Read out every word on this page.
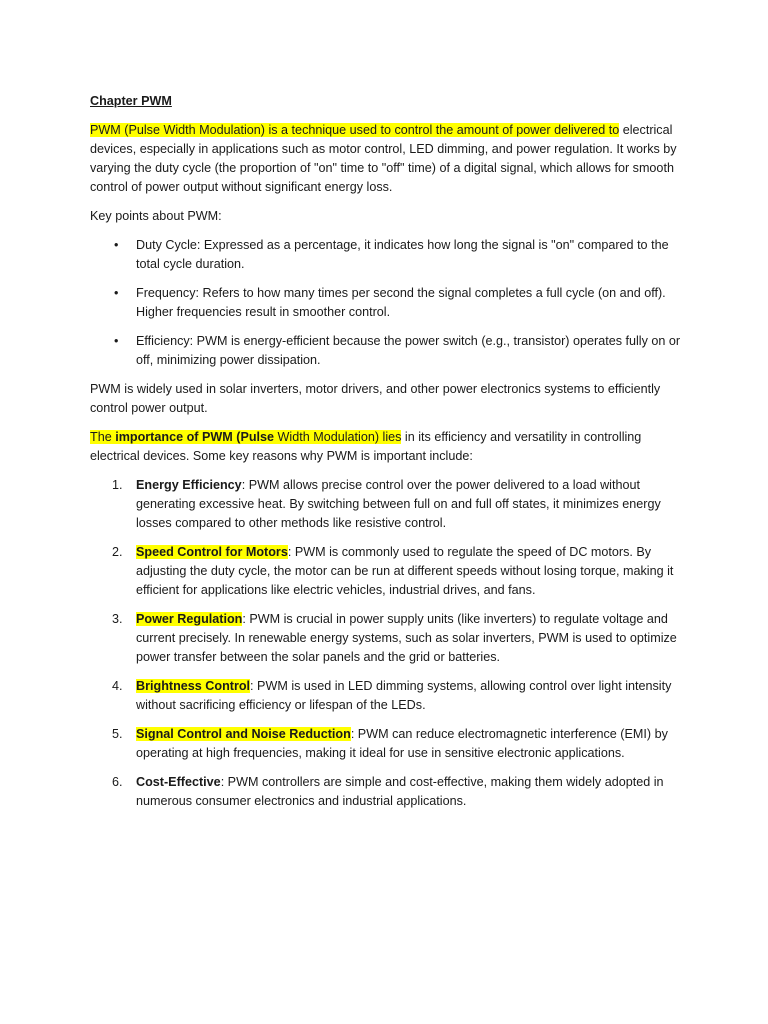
Chapter PWM

PWM (Pulse Width Modulation) is a technique used to control the amount of power delivered to electrical devices, especially in applications such as motor control, LED dimming, and power regulation. It works by varying the duty cycle (the proportion of "on" time to "off" time) of a digital signal, which allows for smooth control of power output without significant energy loss.

Key points about PWM:

• Duty Cycle: Expressed as a percentage, it indicates how long the signal is "on" compared to the total cycle duration.
• Frequency: Refers to how many times per second the signal completes a full cycle (on and off). Higher frequencies result in smoother control.
• Efficiency: PWM is energy-efficient because the power switch (e.g., transistor) operates fully on or off, minimizing power dissipation.

PWM is widely used in solar inverters, motor drivers, and other power electronics systems to efficiently control power output.

The importance of PWM (Pulse Width Modulation) lies in its efficiency and versatility in controlling electrical devices. Some key reasons why PWM is important include:

1. Energy Efficiency: PWM allows precise control over the power delivered to a load without generating excessive heat. By switching between full on and full off states, it minimizes energy losses compared to other methods like resistive control.
2. Speed Control for Motors: PWM is commonly used to regulate the speed of DC motors. By adjusting the duty cycle, the motor can be run at different speeds without losing torque, making it efficient for applications like electric vehicles, industrial drives, and fans.
3. Power Regulation: PWM is crucial in power supply units (like inverters) to regulate voltage and current precisely. In renewable energy systems, such as solar inverters, PWM is used to optimize power transfer between the solar panels and the grid or batteries.
4. Brightness Control: PWM is used in LED dimming systems, allowing control over light intensity without sacrificing efficiency or lifespan of the LEDs.
5. Signal Control and Noise Reduction: PWM can reduce electromagnetic interference (EMI) by operating at high frequencies, making it ideal for use in sensitive electronic applications.
6. Cost-Effective: PWM controllers are simple and cost-effective, making them widely adopted in numerous consumer electronics and industrial applications.
